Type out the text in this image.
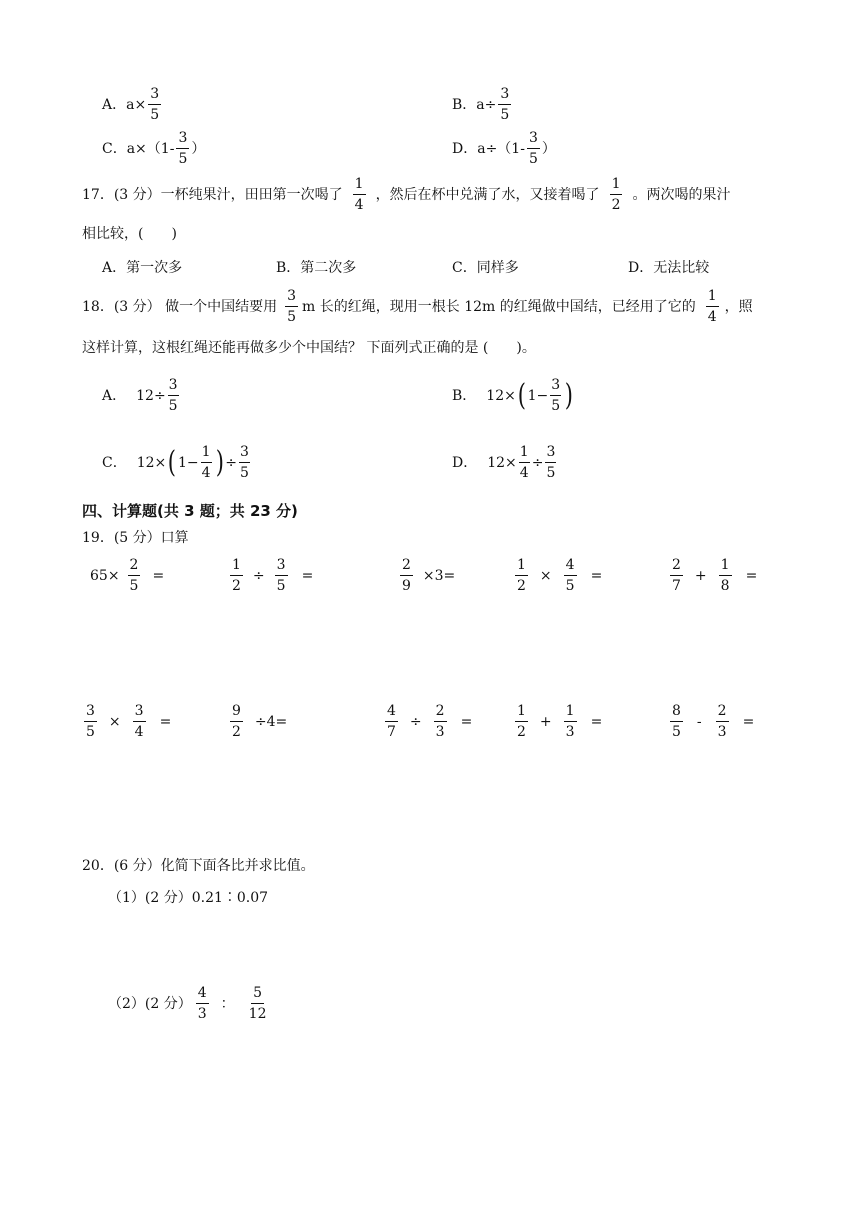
A．$a\times \frac{3}{5}$	B．$a\div \frac{3}{5}$
C．$a\times(1- \frac{3}{5}$ ）	D．$a\div(1- \frac{3}{5}$ ）
17．(3 分）一杯纯果汁，田田第一次喝了 $\frac{1}{4}$ ，然后在杯中兑满了水，又接着喝了 $\frac{1}{2}$ 。两次喝的果汁
相比较，(　　)
A．第一次多	B．第二次多	C．同样多	D．无法比较
18．(3 分） 做一个中国结要用 $\frac{3}{5}$ m 长的红绳，现用一根长 12m 的红绳做中国结，已经用了它的 $\frac{1}{4}$ ，照
这样计算，这根红绳还能再做多少个中国结？ 下面列式正确的是 (　　)。
A． $12\div \frac{3}{5}$	B． 12× ( $1- \frac{3}{5}$ )
C． 12× ( $1- \frac{1}{4}$ ) ÷ $\frac{3}{5}$	D． $12\times \frac{1}{4} \div \frac{3}{5}$
四、计算题(共 3 题；共 23 分)
19．(5 分）口算
$65\times \frac{2}{5}$ =	$\frac{1}{2} \div \frac{3}{5}$ =	$\frac{2}{9} \times 3=$	$\frac{1}{2} \times \frac{4}{5}$ =	$\frac{2}{7} + \frac{1}{8}$ =
$\frac{3}{5} \times \frac{3}{4}$ =	$\frac{9}{2} \div 4=$	$\frac{4}{7} \div \frac{2}{3}$ =	$\frac{1}{2} + \frac{1}{3}$ =	$\frac{8}{5} - \frac{2}{3}$ =
20．(6 分）化简下面各比并求比值。
（1）(2 分）0.21∶0.07
（2）(2 分） $\frac{4}{3}$ ： $\frac{5}{12}$
